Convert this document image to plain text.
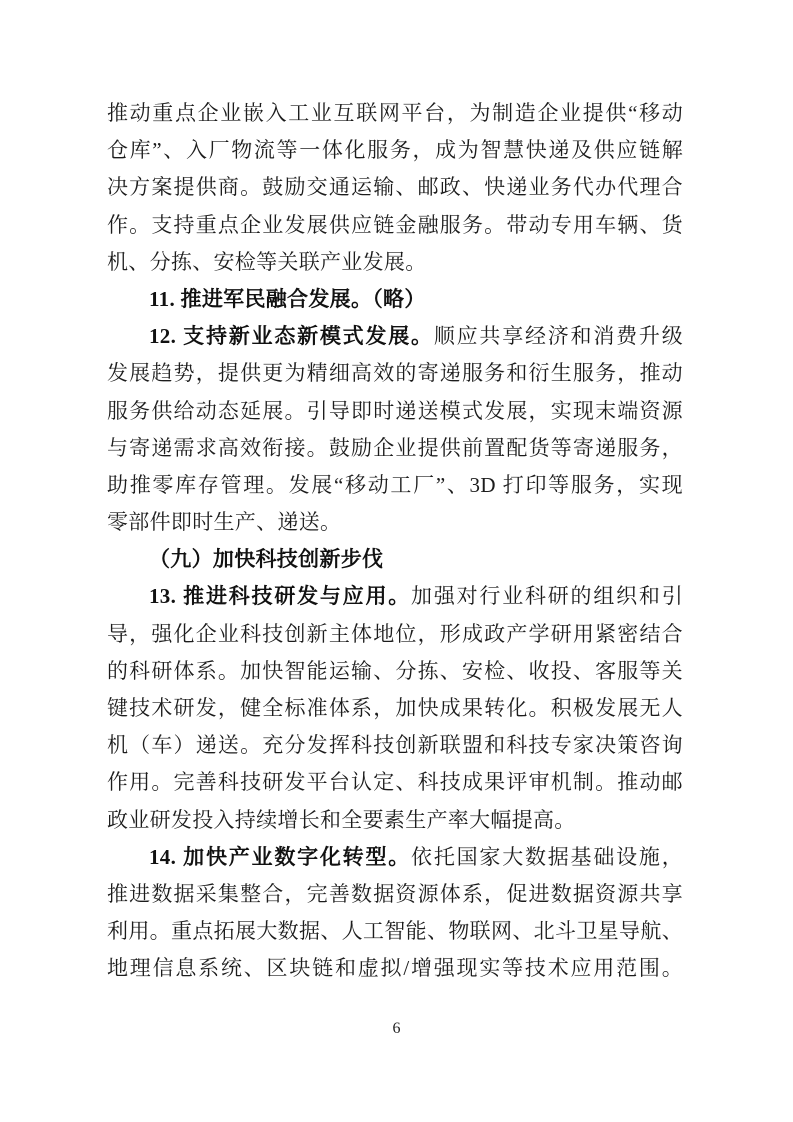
推动重点企业嵌入工业互联网平台，为制造企业提供“移动
仓库”、入厂物流等一体化服务，成为智慧快递及供应链解
决方案提供商。鼓励交通运输、邮政、快递业务代办代理合
作。支持重点企业发展供应链金融服务。带动专用车辆、货
机、分拣、安检等关联产业发展。
11. 推进军民融合发展。（略）
12. 支持新业态新模式发展。顺应共享经济和消费升级
发展趋势，提供更为精细高效的寄递服务和衍生服务，推动
服务供给动态延展。引导即时递送模式发展，实现末端资源
与寄递需求高效衔接。鼓励企业提供前置配货等寄递服务，
助推零库存管理。发展“移动工厂”、3D 打印等服务，实现
零部件即时生产、递送。
（九）加快科技创新步伐
13. 推进科技研发与应用。加强对行业科研的组织和引
导，强化企业科技创新主体地位，形成政产学研用紧密结合
的科研体系。加快智能运输、分拣、安检、收投、客服等关
键技术研发，健全标准体系，加快成果转化。积极发展无人
机（车）递送。充分发挥科技创新联盟和科技专家决策咨询
作用。完善科技研发平台认定、科技成果评审机制。推动邮
政业研发投入持续增长和全要素生产率大幅提高。
14. 加快产业数字化转型。依托国家大数据基础设施，
推进数据采集整合，完善数据资源体系，促进数据资源共享
利用。重点拓展大数据、人工智能、物联网、北斗卫星导航、
地理信息系统、区块链和虚拟/增强现实等技术应用范围。
6
